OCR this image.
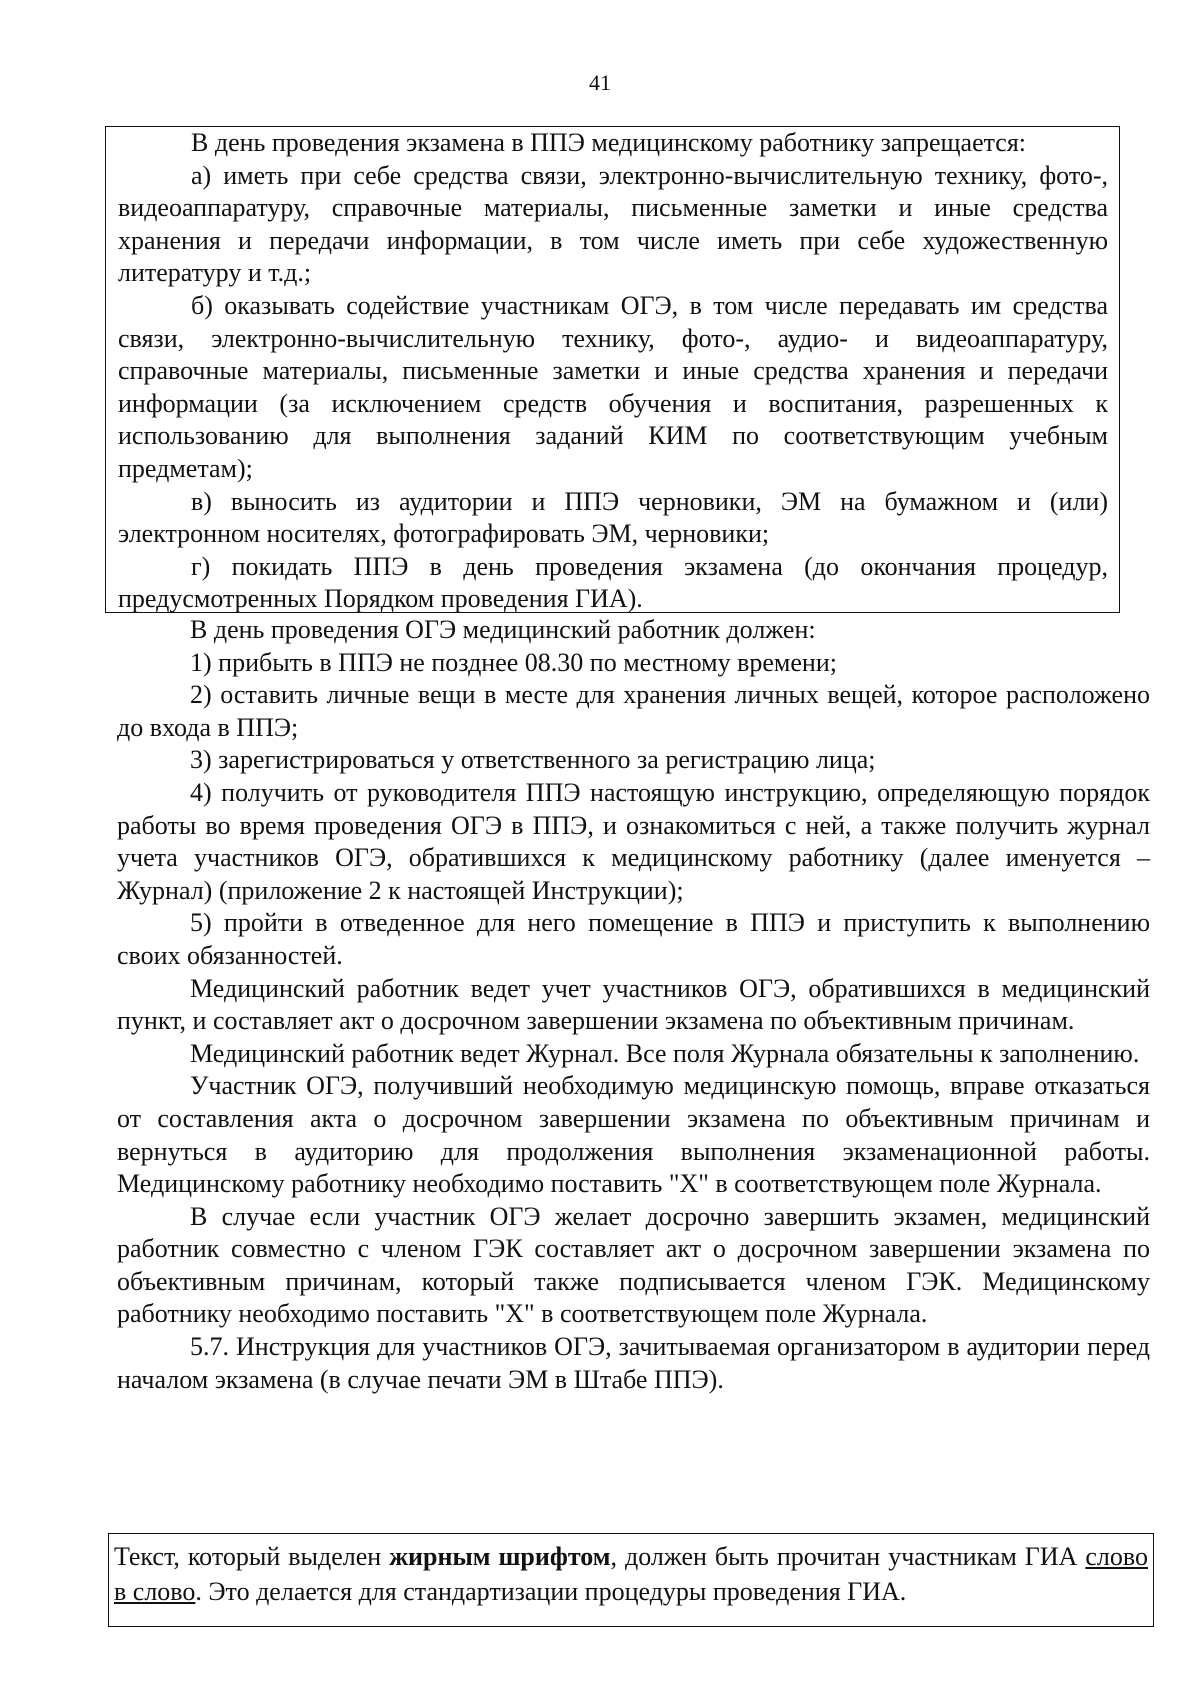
41

В день проведения экзамена в ППЭ медицинскому работнику запрещается:

а) иметь при себе средства связи, электронно-вычислительную технику, фото-, видеоаппаратуру, справочные материалы, письменные заметки и иные средства хранения и передачи информации, в том числе иметь при себе художественную литературу и т.д.;

б) оказывать содействие участникам ОГЭ, в том числе передавать им средства связи, электронно-вычислительную технику, фото-, аудио- и видеоаппаратуру, справочные материалы, письменные заметки и иные средства хранения и передачи информации (за исключением средств обучения и воспитания, разрешенных к использованию для выполнения заданий КИМ по соответствующим учебным предметам);

в) выносить из аудитории и ППЭ черновики, ЭМ на бумажном и (или) электронном носителях, фотографировать ЭМ, черновики;

г) покидать ППЭ в день проведения экзамена (до окончания процедур, предусмотренных Порядком проведения ГИА).

В день проведения ОГЭ медицинский работник должен:

1) прибыть в ППЭ не позднее 08.30 по местному времени;

2) оставить личные вещи в месте для хранения личных вещей, которое расположено до входа в ППЭ;

3) зарегистрироваться у ответственного за регистрацию лица;

4) получить от руководителя ППЭ настоящую инструкцию, определяющую порядок работы во время проведения ОГЭ в ППЭ, и ознакомиться с ней, а также получить журнал учета участников ОГЭ, обратившихся к медицинскому работнику (далее именуется – Журнал) (приложение 2 к настоящей Инструкции);

5) пройти в отведенное для него помещение в ППЭ и приступить к выполнению своих обязанностей.

Медицинский работник ведет учет участников ОГЭ, обратившихся в медицинский пункт, и составляет акт о досрочном завершении экзамена по объективным причинам.

Медицинский работник ведет Журнал. Все поля Журнала обязательны к заполнению.

Участник ОГЭ, получивший необходимую медицинскую помощь, вправе отказаться от составления акта о досрочном завершении экзамена по объективным причинам и вернуться в аудиторию для продолжения выполнения экзаменационной работы. Медицинскому работнику необходимо поставить "Х" в соответствующем поле Журнала.

В случае если участник ОГЭ желает досрочно завершить экзамен, медицинский работник совместно с членом ГЭК составляет акт о досрочном завершении экзамена по объективным причинам, который также подписывается членом ГЭК. Медицинскому работнику необходимо поставить "Х" в соответствующем поле Журнала.

5.7. Инструкция для участников ОГЭ, зачитываемая организатором в аудитории перед началом экзамена (в случае печати ЭМ в Штабе ППЭ).

Текст, который выделен жирным шрифтом, должен быть прочитан участникам ГИА слово в слово. Это делается для стандартизации процедуры проведения ГИА.
